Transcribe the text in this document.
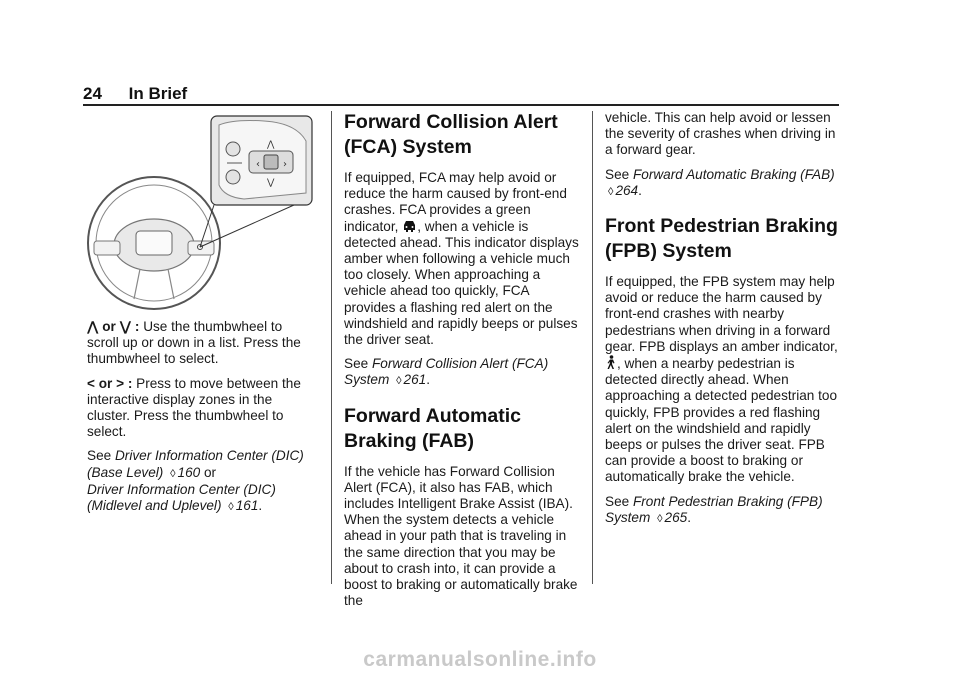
24 In Brief
‹ ›
⋀
⋁

⋀ or ⋁ : Use the thumbwheel to scroll up or down in a list. Press the thumbwheel to select.

< or > : Press to move between the interactive display zones in the cluster. Press the thumbwheel to select.

See Driver Information Center (DIC) (Base Level) ◊ 160 or
Driver Information Center (DIC) (Midlevel and Uplevel) ◊ 161.

Forward Collision Alert (FCA) System

If equipped, FCA may help avoid or reduce the harm caused by front-end crashes. FCA provides a green indicator, , when a vehicle is detected ahead. This indicator displays amber when following a vehicle much too closely. When approaching a vehicle ahead too quickly, FCA provides a flashing red alert on the windshield and rapidly beeps or pulses the driver seat.

See Forward Collision Alert (FCA) System ◊ 261.

Forward Automatic Braking (FAB)

If the vehicle has Forward Collision Alert (FCA), it also has FAB, which includes Intelligent Brake Assist (IBA). When the system detects a vehicle ahead in your path that is traveling in the same direction that you may be about to crash into, it can provide a boost to braking or automatically brake the

vehicle. This can help avoid or lessen the severity of crashes when driving in a forward gear.

See Forward Automatic Braking (FAB) ◊ 264.

Front Pedestrian Braking (FPB) System

If equipped, the FPB system may help avoid or reduce the harm caused by front-end crashes with nearby pedestrians when driving in a forward gear. FPB displays an amber indicator, , when a nearby pedestrian is detected directly ahead. When approaching a detected pedestrian too quickly, FPB provides a red flashing alert on the windshield and rapidly beeps or pulses the driver seat. FPB can provide a boost to braking or automatically brake the vehicle.

See Front Pedestrian Braking (FPB) System ◊ 265.

carmanualsonline.info
